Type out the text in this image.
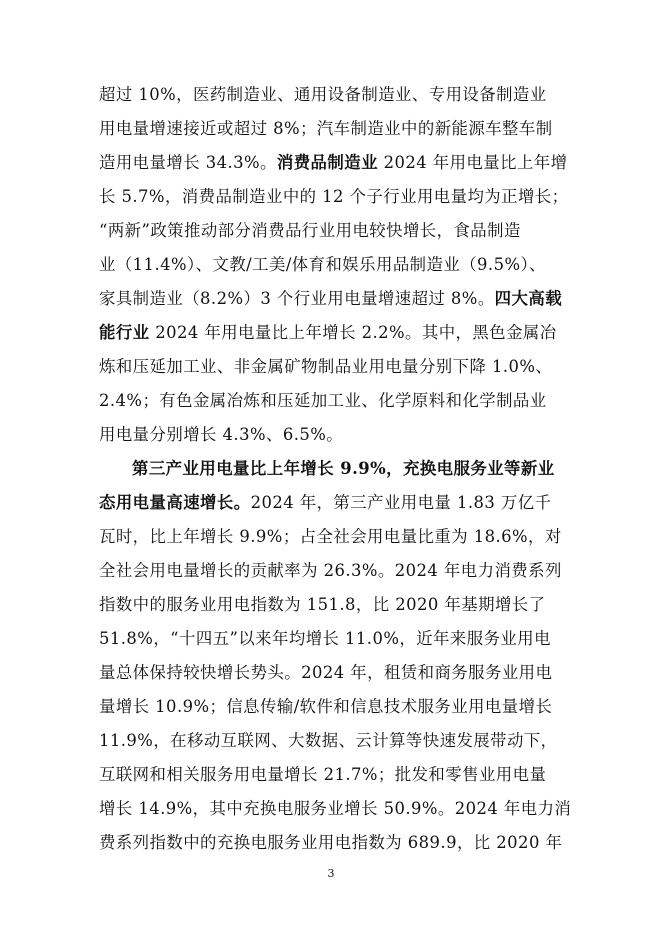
超过 10%，医药制造业、通用设备制造业、专用设备制造业
用电量增速接近或超过 8%；汽车制造业中的新能源车整车制
造用电量增长 34.3%。消费品制造业 2024 年用电量比上年增
长 5.7%，消费品制造业中的 12 个子行业用电量均为正增长；
“两新”政策推动部分消费品行业用电较快增长，食品制造
业（11.4%）、文教/工美/体育和娱乐用品制造业（9.5%）、
家具制造业（8.2%）3 个行业用电量增速超过 8%。四大高载
能行业 2024 年用电量比上年增长 2.2%。其中，黑色金属冶
炼和压延加工业、非金属矿物制品业用电量分别下降 1.0%、
2.4%；有色金属冶炼和压延加工业、化学原料和化学制品业
用电量分别增长 4.3%、6.5%。
第三产业用电量比上年增长 9.9%，充换电服务业等新业
态用电量高速增长。2024 年，第三产业用电量 1.83 万亿千
瓦时，比上年增长 9.9%；占全社会用电量比重为 18.6%，对
全社会用电量增长的贡献率为 26.3%。2024 年电力消费系列
指数中的服务业用电指数为 151.8，比 2020 年基期增长了
51.8%，“十四五”以来年均增长 11.0%，近年来服务业用电
量总体保持较快增长势头。2024 年，租赁和商务服务业用电
量增长 10.9%；信息传输/软件和信息技术服务业用电量增长
11.9%，在移动互联网、大数据、云计算等快速发展带动下，
互联网和相关服务用电量增长 21.7%；批发和零售业用电量
增长 14.9%，其中充换电服务业增长 50.9%。2024 年电力消
费系列指数中的充换电服务业用电指数为 689.9，比 2020 年
3
